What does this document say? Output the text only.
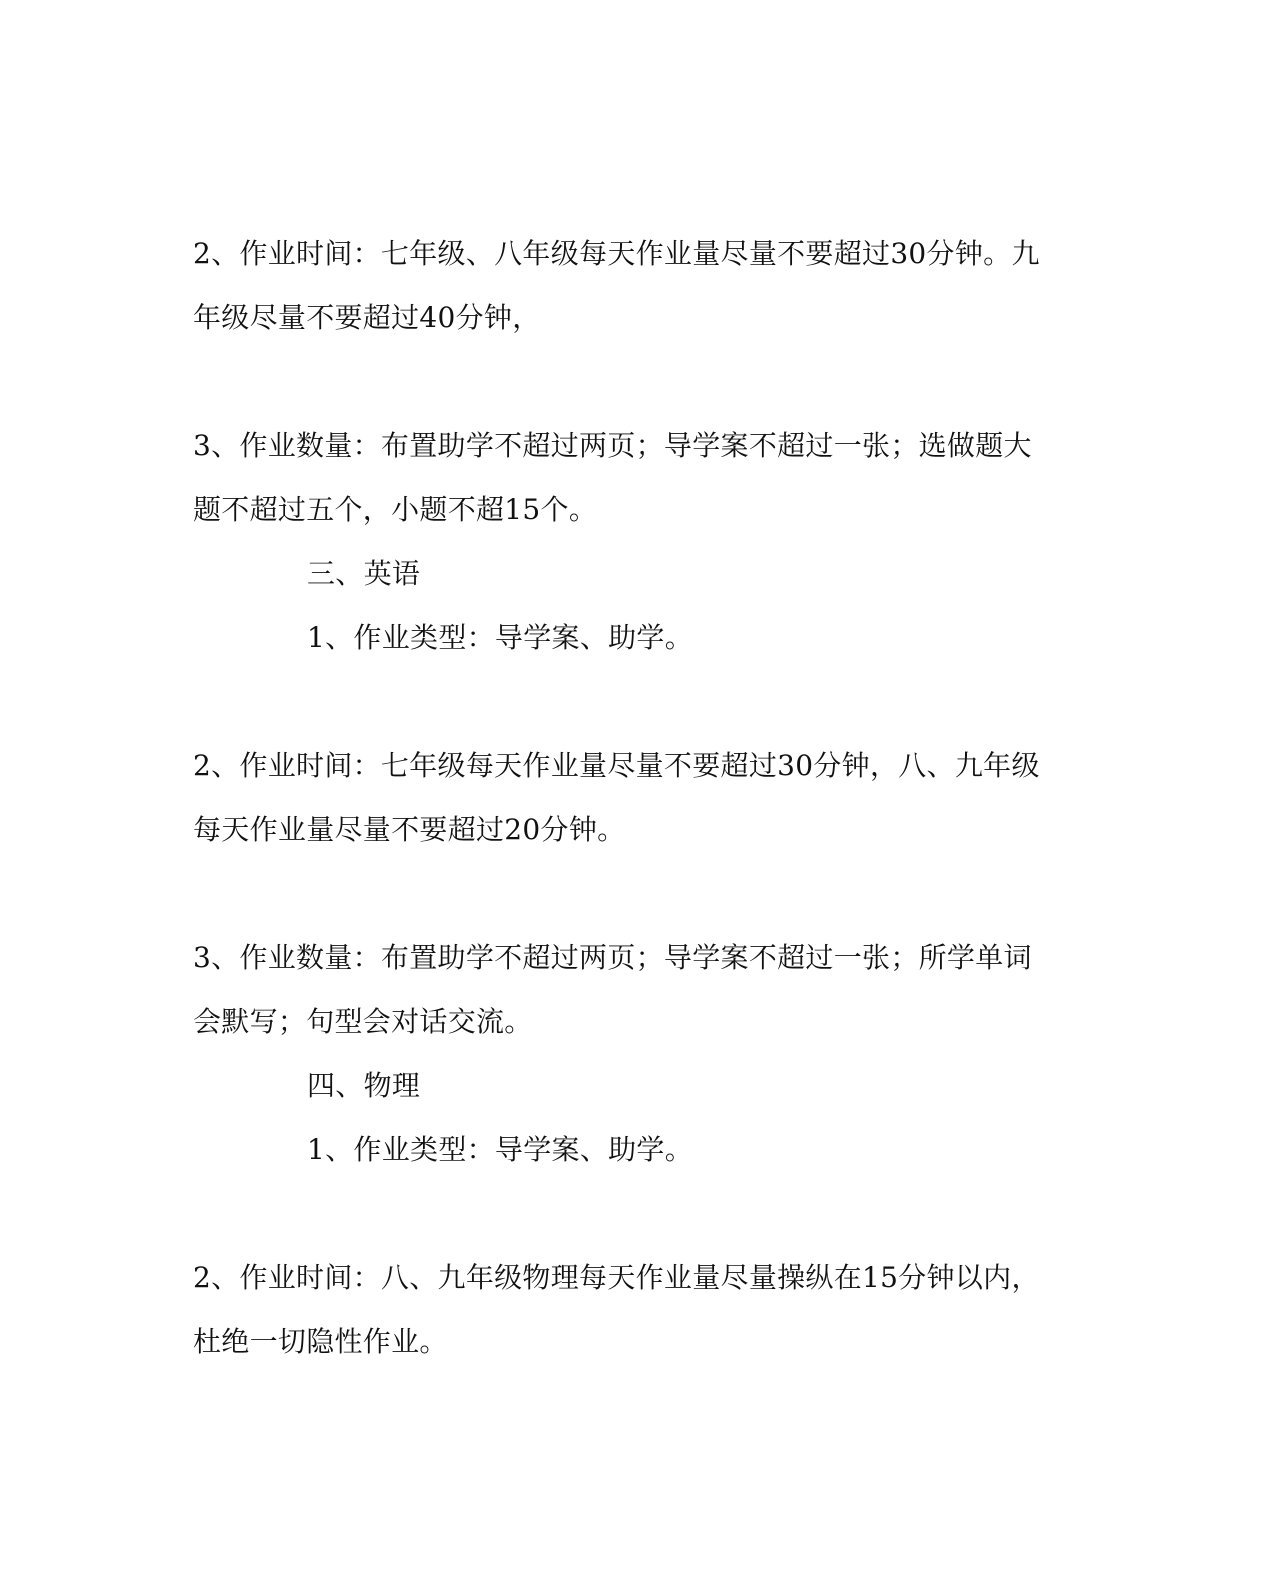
2、作业时间：七年级、八年级每天作业量尽量不要超过30分钟。九
年级尽量不要超过40分钟，
3、作业数量：布置助学不超过两页；导学案不超过一张；选做题大
题不超过五个，小题不超15个。
三、英语
1、作业类型：导学案、助学。
2、作业时间：七年级每天作业量尽量不要超过30分钟，八、九年级
每天作业量尽量不要超过20分钟。
3、作业数量：布置助学不超过两页；导学案不超过一张；所学单词
会默写；句型会对话交流。
四、物理
1、作业类型：导学案、助学。
2、作业时间：八、九年级物理每天作业量尽量操纵在15分钟以内，
杜绝一切隐性作业。
